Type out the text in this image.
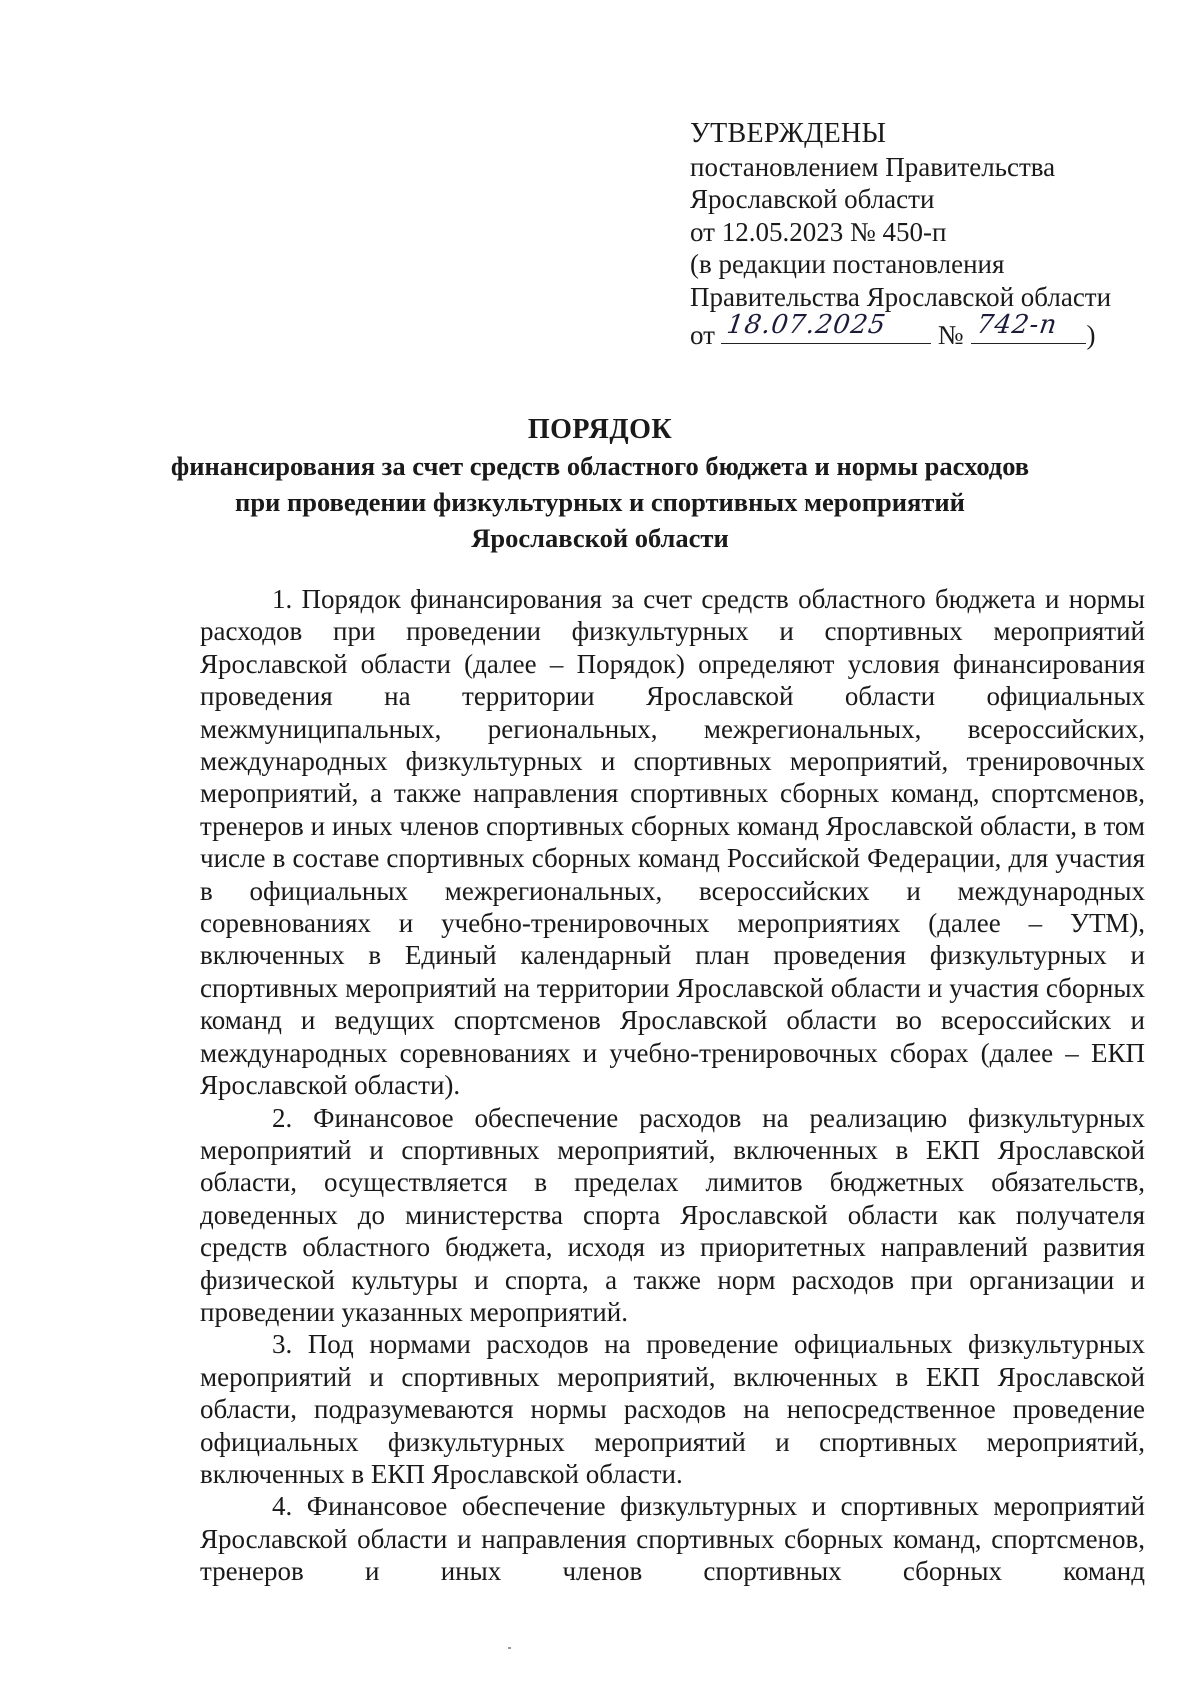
УТВЕРЖДЕНЫ
постановлением Правительства
Ярославской области
от 12.05.2023 № 450-п
(в редакции постановления
Правительства Ярославской области
от 18.07.2025 № 742-п )
ПОРЯДОК
финансирования за счет средств областного бюджета и нормы расходов
при проведении физкультурных и спортивных мероприятий
Ярославской области

1. Порядок финансирования за счет средств областного бюджета и нормы расходов при проведении физкультурных и спортивных мероприятий Ярославской области (далее – Порядок) определяют условия финансирования проведения на территории Ярославской области официальных межмуниципальных, региональных, межрегиональных, всероссийских, международных физкультурных и спортивных мероприятий, тренировочных мероприятий, а также направления спортивных сборных команд, спортсменов, тренеров и иных членов спортивных сборных команд Ярославской области, в том числе в составе спортивных сборных команд Российской Федерации, для участия в официальных межрегиональных, всероссийских и международных соревнованиях и учебно-тренировочных мероприятиях (далее – УТМ), включенных в Единый календарный план проведения физкультурных и спортивных мероприятий на территории Ярославской области и участия сборных команд и ведущих спортсменов Ярославской области во всероссийских и международных соревнованиях и учебно-тренировочных сборах (далее – ЕКП Ярославской области).

2. Финансовое обеспечение расходов на реализацию физкультурных мероприятий и спортивных мероприятий, включенных в ЕКП Ярославской области, осуществляется в пределах лимитов бюджетных обязательств, доведенных до министерства спорта Ярославской области как получателя средств областного бюджета, исходя из приоритетных направлений развития физической культуры и спорта, а также норм расходов при организации и проведении указанных мероприятий.

3. Под нормами расходов на проведение официальных физкультурных мероприятий и спортивных мероприятий, включенных в ЕКП Ярославской области, подразумеваются нормы расходов на непосредственное проведение официальных физкультурных мероприятий и спортивных мероприятий, включенных в ЕКП Ярославской области.

4. Финансовое обеспечение физкультурных и спортивных мероприятий Ярославской области и направления спортивных сборных команд, спортсменов, тренеров и иных членов спортивных сборных команд
